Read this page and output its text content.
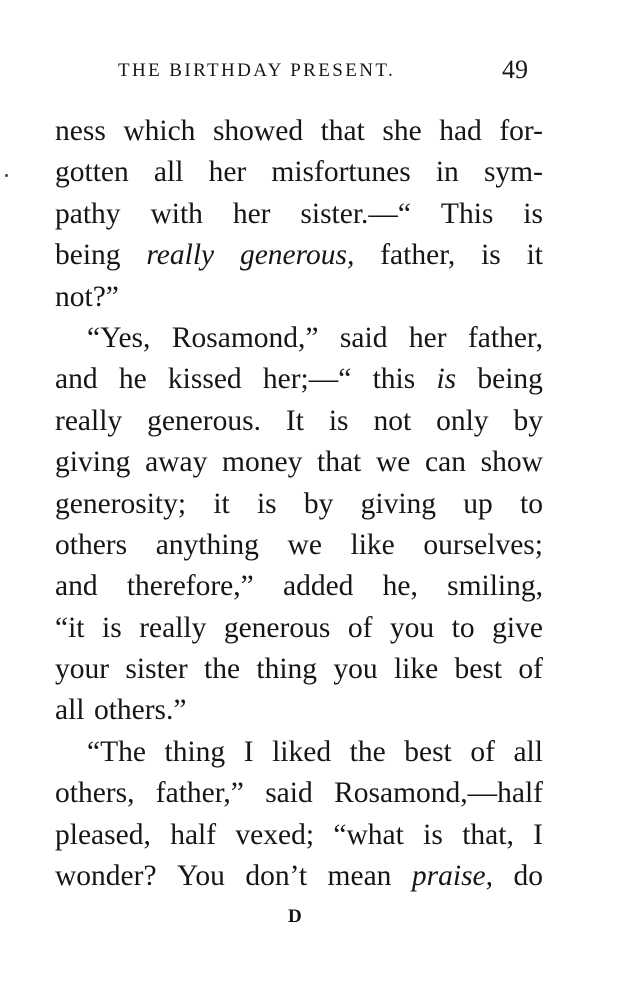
THE BIRTHDAY PRESENT.	49
ness which showed that she had for-
gotten all her misfortunes in sym-
pathy with her sister.—“ This is
being really generous, father, is it
not?”
“Yes, Rosamond,” said her father,
and he kissed her;—“ this is being
really generous. It is not only by
giving away money that we can show
generosity; it is by giving up to
others anything we like ourselves;
and therefore,” added he, smiling,
“it is really generous of you to give
your sister the thing you like best of
all others.”
“The thing I liked the best of all
others, father,” said Rosamond,—half
pleased, half vexed; “what is that, I
wonder? You don’t mean praise, do
D
